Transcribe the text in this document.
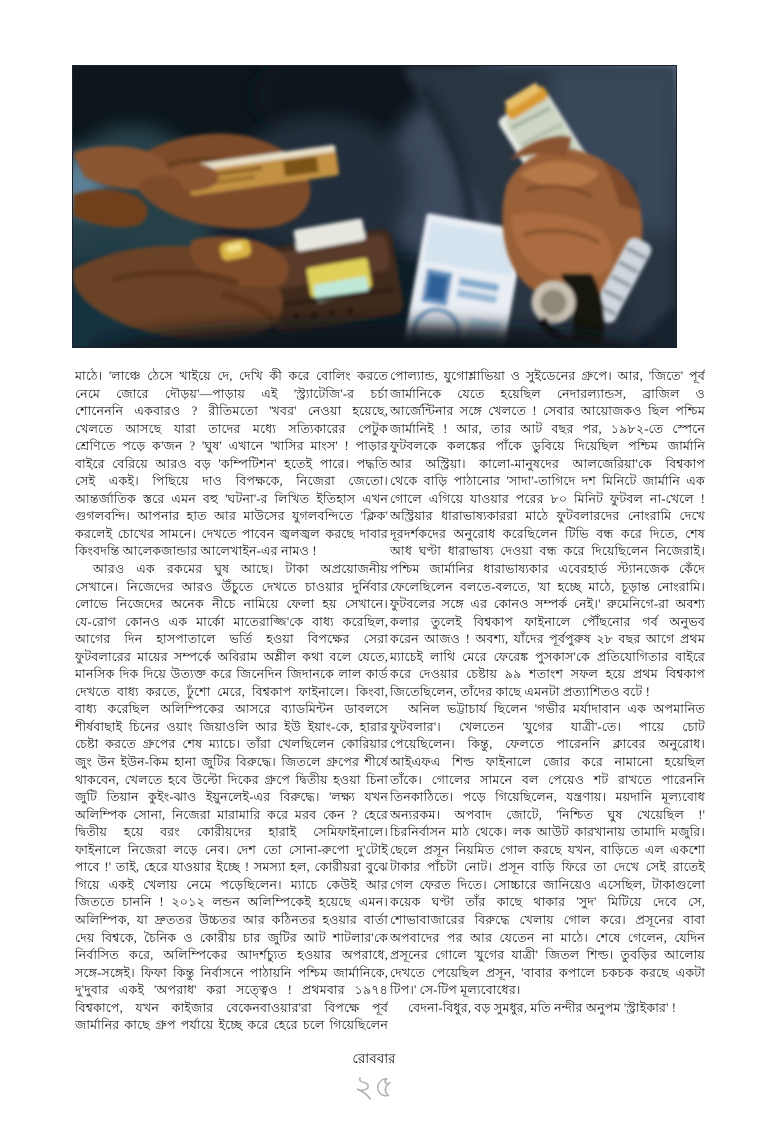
মাঠে। 'লাঞ্চে ঠেসে খাইয়ে দে, দেখি কী করে বোলিং করতে
নেমে জোরে দৌড়য়'—পাড়ায় এই 'স্ট্র্যাটেজি'-র চর্চা
শোনেননি একবারও ? রীতিমতো 'খবর' নেওয়া হয়েছে,
খেলতে আসছে যারা তাদের মধ্যে সত্যিকারের পেটুক
শ্রেণিতে পড়ে ক'জন ? 'ঘুষ' এখানে 'খাসির মাংস' ! পাড়ার
বাইরে বেরিয়ে আরও বড় 'কম্পিটিশন' হতেই পারে। পদ্ধতি
সেই একই। পিছিয়ে দাও বিপক্ষকে, নিজেরা জেতো।
আন্তর্জাতিক স্তরে এমন বহু 'ঘটনা'-র লিখিত ইতিহাস এখন
গুগলবন্দি। আপনার হাত আর মাউসের যুগলবন্দিতে 'ক্লিক'
করলেই চোখের সামনে। দেখতে পাবেন জ্বলজ্বল করছে দাবার
কিংবদন্তি আলেকজান্ডার আলেখাইন-এর নামও !
আরও এক রকমের ঘুষ আছে। টাকা অপ্রয়োজনীয়
সেখানে। নিজেদের আরও উঁচুতে দেখতে চাওয়ার দুর্নিবার
লোভে নিজেদের অনেক নীচে নামিয়ে ফেলা হয় সেখানে।
যে-রোগ কোনও এক মার্কো মাতেরাজ্জি'কে বাধ্য করেছিল,
আগের দিন হাসপাতালে ভর্তি হওয়া বিপক্ষের সেরা
ফুটবলারের মায়ের সম্পর্কে অবিরাম অশ্লীল কথা বলে যেতে,
মানসিক দিক দিয়ে উত্যক্ত করে জিনেদিন জিদানকে লাল কার্ড
দেখতে বাধ্য করতে, ঢুঁশো মেরে, বিশ্বকাপ ফাইনালে। কিংবা,
বাধ্য করেছিল অলিম্পিকের আসরে ব্যাডমিন্টন ডাবলসে
শীর্ষবাছাই চিনের ওয়াং জিয়াওলি আর ইউ ইয়াং-কে, হারার
চেষ্টা করতে গ্রুপের শেষ ম্যাচে। তাঁরা খেলছিলেন কোরিয়ার
জুং উন ইউন-কিম হানা জুটির বিরুদ্ধে। জিতলে গ্রুপের শীর্ষে
থাকবেন, খেলতে হবে উল্টো দিকের গ্রুপে দ্বিতীয় হওয়া চিনা
জুটি তিয়ান কুইং-ঝাও ইয়ুনলেই-এর বিরুদ্ধে। 'লক্ষ্য যখন
অলিম্পিক সোনা, নিজেরা মারামারি করে মরব কেন ? হেরে
দ্বিতীয় হয়ে বরং কোরীয়দের হারাই সেমিফাইনালে।
ফাইনালে নিজেরা লড়ে নেব। দেশ তো সোনা-রুপো দু'টোই
পাবে !' তাই, হেরে যাওয়ার ইচ্ছে ! সমস্যা হল, কোরীয়রা বুঝে
গিয়ে একই খেলায় নেমে পড়েছিলেন। ম্যাচে কেউই আর
জিততে চাননি ! ২০১২ লন্ডন অলিম্পিকেই হয়েছে এমন।
অলিম্পিক, যা দ্রুততর উচ্চতর আর কঠিনতর হওয়ার বার্তা
দেয় বিশ্বকে, চৈনিক ও কোরীয় চার জুটির আট শাটলার'কে
নির্বাসিত করে, অলিম্পিকের আদর্শচ্যুত হওয়ার অপরাধে,
সঙ্গে-সঙ্গেই। ফিফা কিন্তু নির্বাসনে পাঠায়নি পশ্চিম জার্মানিকে,
দু'দুবার একই 'অপরাধ' করা সত্ত্বেও ! প্রথমবার ১৯৭৪
বিশ্বকাপে, যখন কাইজার বেকেনবাওয়ার'রা বিপক্ষে পূর্ব
জার্মানির কাছে গ্রুপ পর্যায়ে ইচ্ছে করে হেরে চলে গিয়েছিলেন
পোল্যান্ড, যুগোশ্লাভিয়া ও সুইডেনের গ্রুপে। আর, 'জিতে' পূর্ব
জার্মানিকে যেতে হয়েছিল নেদারল্যান্ডস, ব্রাজিল ও
আর্জেন্টিনার সঙ্গে খেলতে ! সেবার আয়োজকও ছিল পশ্চিম
জার্মানিই ! আর, তার আট বছর পর, ১৯৮২-তে স্পেনে
ফুটবলকে কলঙ্কের পাঁকে ডুবিয়ে দিয়েছিল পশ্চিম জার্মানি
আর অস্ট্রিয়া। কালো-মানুষদের আলজেরিয়া'কে বিশ্বকাপ
থেকে বাড়ি পাঠানোর 'সাদা'-তাগিদে দশ মিনিটে জার্মানি এক
গোলে এগিয়ে যাওয়ার পরের ৮০ মিনিট ফুটবল না-খেলে !
অস্ট্রিয়ার ধারাভাষ্যকাররা মাঠে ফুটবলারদের নোংরামি দেখে
দূরদর্শকদের অনুরোধ করেছিলেন টিভি বন্ধ করে দিতে, শেষ
আধ ঘণ্টা ধারাভাষ্য দেওয়া বন্ধ করে দিয়েছিলেন নিজেরাই।
পশ্চিম জার্মানির ধারাভাষ্যকার এবেরহার্ড স্ট্যানজেক কেঁদে
ফেলেছিলেন বলতে-বলতে, 'যা হচ্ছে মাঠে, চূড়ান্ত নোংরামি।
ফুটবলের সঙ্গে এর কোনও সম্পর্ক নেই।' রুমেনিগে-রা অবশ্য
কলার তুলেই বিশ্বকাপ ফাইনালে পৌঁছনোর গর্ব অনুভব
করেন আজও ! অবশ্য, যাঁদের পূর্বপুরুষ ২৮ বছর আগে প্রথম
ম্যাচেই লাথি মেরে ফেরেঙ্ক পুসকাস'কে প্রতিযোগিতার বাইরে
করে দেওয়ার চেষ্টায় ৯৯ শতাংশ সফল হয়ে প্রথম বিশ্বকাপ
জিতেছিলেন, তাঁদের কাছে এমনটা প্রত্যাশিতও বটে !
অনিল ভট্টাচার্য ছিলেন 'গভীর মর্যাদাবান এক অপমানিত
ফুটবলার'। খেলতেন 'যুগের যাত্রী'-তে। পায়ে চোট
পেয়েছিলেন। কিন্তু, ফেলতে পারেননি ক্লাবের অনুরোধ।
আইএফএ শিল্ড ফাইনালে জোর করে নামানো হয়েছিল
তাঁকে। গোলের সামনে বল পেয়েও শট রাখতে পারেননি
তিনকাঠিতে। পড়ে গিয়েছিলেন, যন্ত্রণায়। ময়দানি মূল্যবোধ
অন্যরকম। অপবাদ জোটে, 'নিশ্চিত ঘুষ খেয়েছিল !'
চিরনির্বাসন মাঠ থেকে। লক আউট কারখানায় তামাদি মজুরি।
ছেলে প্রসূন নিয়মিত গোল করছে যখন, বাড়িতে এল একশো
টাকার পাঁচটা নোট। প্রসূন বাড়ি ফিরে তা দেখে সেই রাতেই
গেল ফেরত দিতে। সোচ্চারে জানিয়েও এসেছিল, টাকাগুলো
কয়েক ঘণ্টা তাঁর কাছে থাকার 'সুদ' মিটিয়ে দেবে সে,
শোভাবাজারের বিরুদ্ধে খেলায় গোল করে। প্রসূনের বাবা
অপবাদের পর আর যেতেন না মাঠে। শেষে গেলেন, যেদিন
প্রসূনের গোলে 'যুগের যাত্রী' জিতল শিল্ড। তুবড়ির আলোয়
দেখতে পেয়েছিল প্রসূন, 'বাবার কপালে চকচক করছে একটা
টিপ।' সে-টিপ মূল্যবোধের।
বেদনা-বিধুর, বড় সুমধুর, মতি নন্দীর অনুপম 'স্ট্রাইকার' !
রোববার
২৫
